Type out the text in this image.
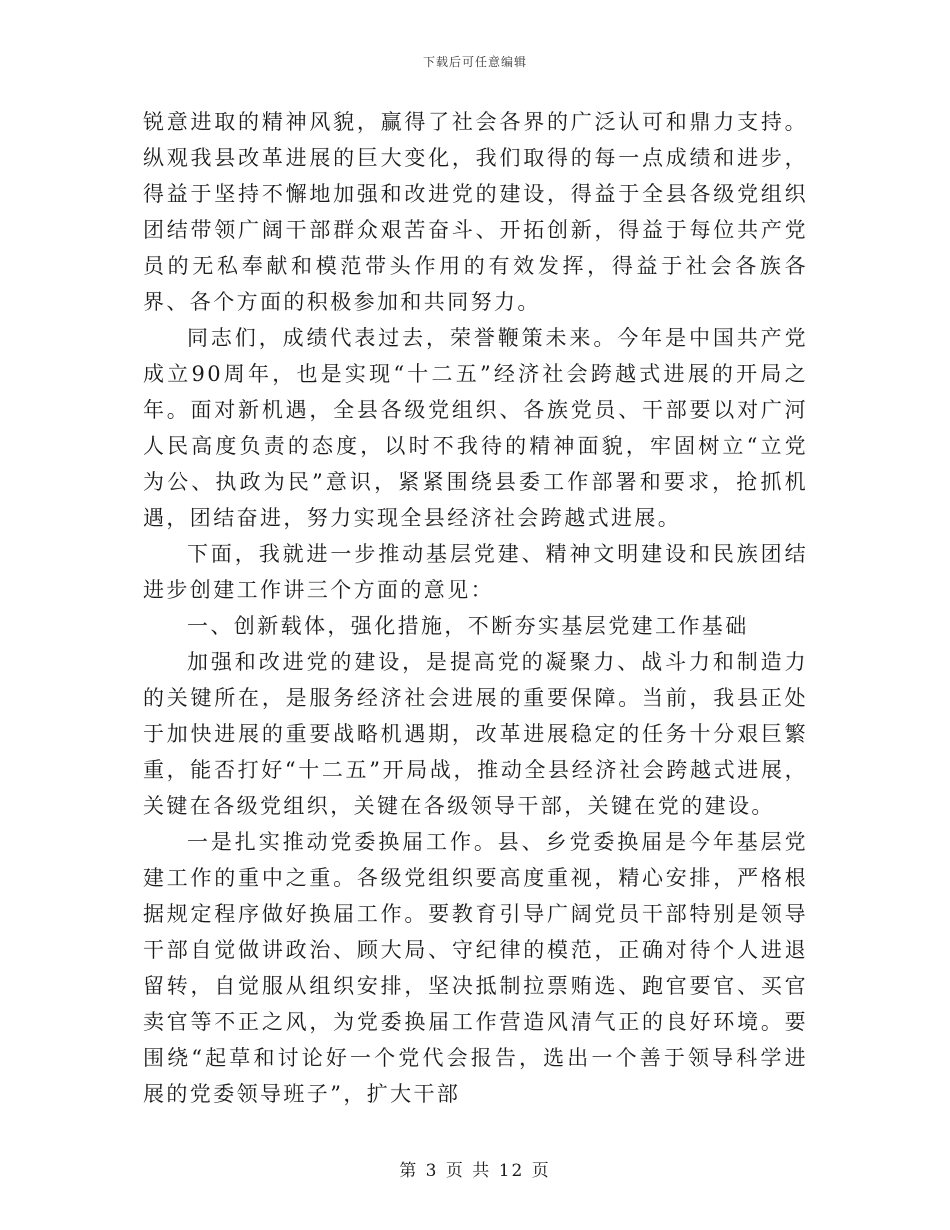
下载后可任意编辑

锐意进取的精神风貌，赢得了社会各界的广泛认可和鼎力支持。纵观我县改革进展的巨大变化，我们取得的每一点成绩和进步，得益于坚持不懈地加强和改进党的建设，得益于全县各级党组织团结带领广阔干部群众艰苦奋斗、开拓创新，得益于每位共产党员的无私奉献和模范带头作用的有效发挥，得益于社会各族各界、各个方面的积极参加和共同努力。

同志们，成绩代表过去，荣誉鞭策未来。今年是中国共产党成立90周年，也是实现“十二五”经济社会跨越式进展的开局之年。面对新机遇，全县各级党组织、各族党员、干部要以对广河人民高度负责的态度，以时不我待的精神面貌，牢固树立“立党为公、执政为民”意识，紧紧围绕县委工作部署和要求，抢抓机遇，团结奋进，努力实现全县经济社会跨越式进展。

下面，我就进一步推动基层党建、精神文明建设和民族团结进步创建工作讲三个方面的意见：

一、创新载体，强化措施，不断夯实基层党建工作基础

加强和改进党的建设，是提高党的凝聚力、战斗力和制造力的关键所在，是服务经济社会进展的重要保障。当前，我县正处于加快进展的重要战略机遇期，改革进展稳定的任务十分艰巨繁重，能否打好“十二五”开局战，推动全县经济社会跨越式进展，关键在各级党组织，关键在各级领导干部，关键在党的建设。

一是扎实推动党委换届工作。县、乡党委换届是今年基层党建工作的重中之重。各级党组织要高度重视，精心安排，严格根据规定程序做好换届工作。要教育引导广阔党员干部特别是领导干部自觉做讲政治、顾大局、守纪律的模范，正确对待个人进退留转，自觉服从组织安排，坚决抵制拉票贿选、跑官要官、买官卖官等不正之风，为党委换届工作营造风清气正的良好环境。要围绕“起草和讨论好一个党代会报告，选出一个善于领导科学进展的党委领导班子”，扩大干部

第 3 页 共 12 页
